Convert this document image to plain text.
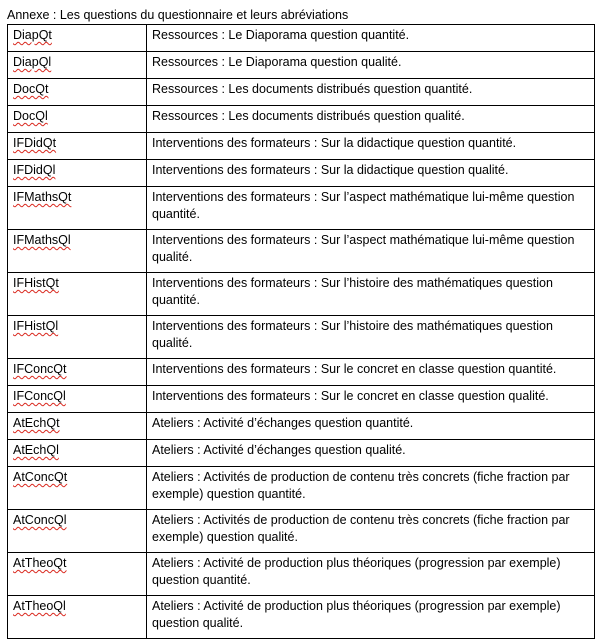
Annexe : Les questions du questionnaire et leurs abréviations
DiapQt	Ressources : Le Diaporama question quantité.
DiapQl	Ressources : Le Diaporama question qualité.
DocQt	Ressources : Les documents distribués question quantité.
DocQl	Ressources : Les documents distribués question qualité.
IFDidQt	Interventions des formateurs : Sur la didactique question quantité.
IFDidQl	Interventions des formateurs : Sur la didactique question qualité.
IFMathsQt	Interventions des formateurs : Sur l’aspect mathématique lui-même question quantité.
IFMathsQl	Interventions des formateurs : Sur l’aspect mathématique lui-même question qualité.
IFHistQt	Interventions des formateurs : Sur l’histoire des mathématiques question quantité.
IFHistQl	Interventions des formateurs : Sur l’histoire des mathématiques question qualité.
IFConcQt	Interventions des formateurs : Sur le concret en classe question quantité.
IFConcQl	Interventions des formateurs : Sur le concret en classe question qualité.
AtEchQt	Ateliers : Activité d’échanges question quantité.
AtEchQl	Ateliers : Activité d’échanges question qualité.
AtConcQt	Ateliers : Activités de production de contenu très concrets (fiche fraction par exemple) question quantité.
AtConcQl	Ateliers : Activités de production de contenu très concrets (fiche fraction par exemple) question qualité.
AtTheoQt	Ateliers : Activité de production plus théoriques (progression par exemple) question quantité.
AtTheoQl	Ateliers : Activité de production plus théoriques (progression par exemple) question qualité.
